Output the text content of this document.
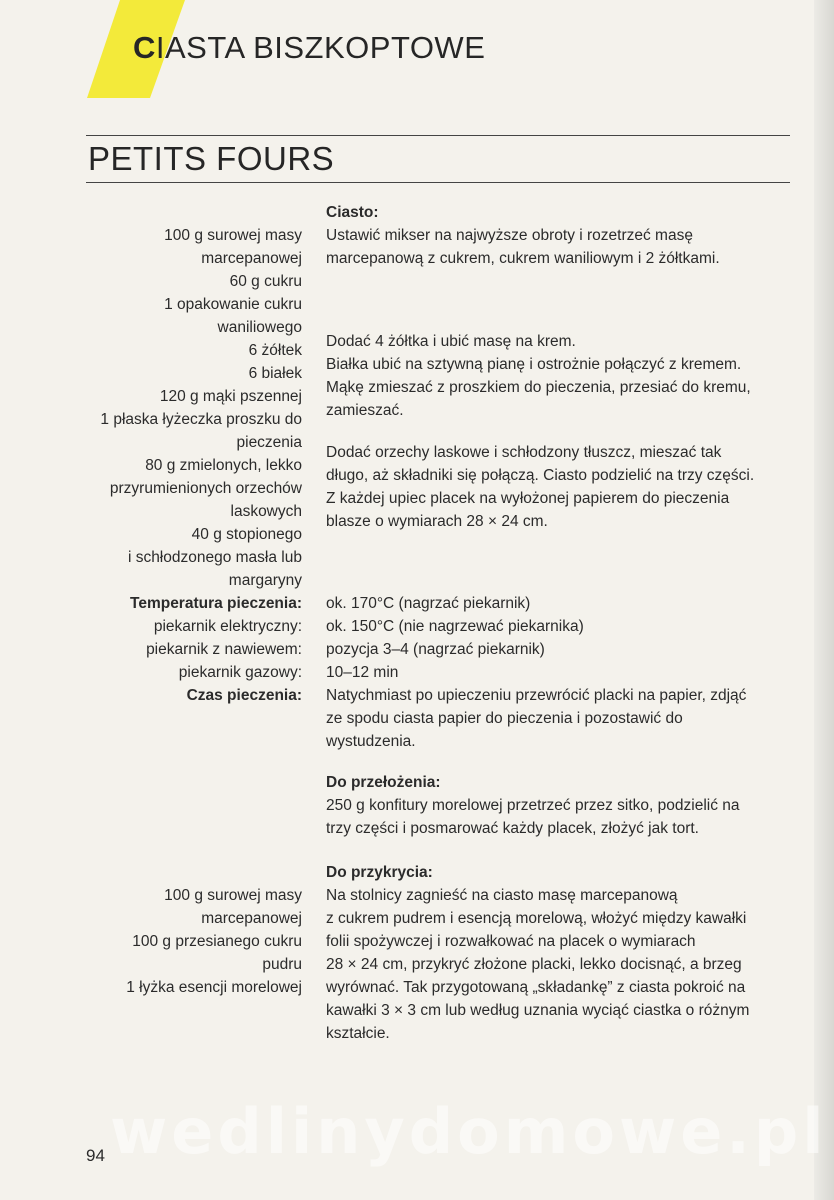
CIASTA BISZKOPTOWE
PETITS FOURS
100 g surowej masy
marcepanowej
60 g cukru
1 opakowanie cukru
waniliowego
6 żółtek
6 białek
120 g mąki pszennej
1 płaska łyżeczka proszku do
pieczenia
80 g zmielonych, lekko
przyrumienionych orzechów
laskowych
40 g stopionego
i schłodzonego masła lub
margaryny
Temperatura pieczenia:
piekarnik elektryczny:
piekarnik z nawiewem:
piekarnik gazowy:
Czas pieczenia:
100 g surowej masy
marcepanowej
100 g przesianego cukru
pudru
1 łyżka esencji morelowej
Ciasto:
Ustawić mikser na najwyższe obroty i rozetrzeć masę
marcepanową z cukrem, cukrem waniliowym i 2 żółtkami.
Dodać 4 żółtka i ubić masę na krem.
Białka ubić na sztywną pianę i ostrożnie połączyć z kremem.
Mąkę zmieszać z proszkiem do pieczenia, przesiać do kremu,
zamieszać.
Dodać orzechy laskowe i schłodzony tłuszcz, mieszać tak
długo, aż składniki się połączą. Ciasto podzielić na trzy części.
Z każdej upiec placek na wyłożonej papierem do pieczenia
blasze o wymiarach 28 × 24 cm.
ok. 170°C (nagrzać piekarnik)
ok. 150°C (nie nagrzewać piekarnika)
pozycja 3–4 (nagrzać piekarnik)
10–12 min
Natychmiast po upieczeniu przewrócić placki na papier, zdjąć
ze spodu ciasta papier do pieczenia i pozostawić do
wystudzenia.
Do przełożenia:
250 g konfitury morelowej przetrzeć przez sitko, podzielić na
trzy części i posmarować każdy placek, złożyć jak tort.
Do przykrycia:
Na stolnicy zagnieść na ciasto masę marcepanową
z cukrem pudrem i esencją morelową, włożyć między kawałki
folii spożywczej i rozwałkować na placek o wymiarach
28 × 24 cm, przykryć złożone placki, lekko docisnąć, a brzeg
wyrównać. Tak przygotowaną „składankę” z ciasta pokroić na
kawałki 3 × 3 cm lub według uznania wyciąć ciastka o różnym
kształcie.
wedlinydomowe.pl
94
